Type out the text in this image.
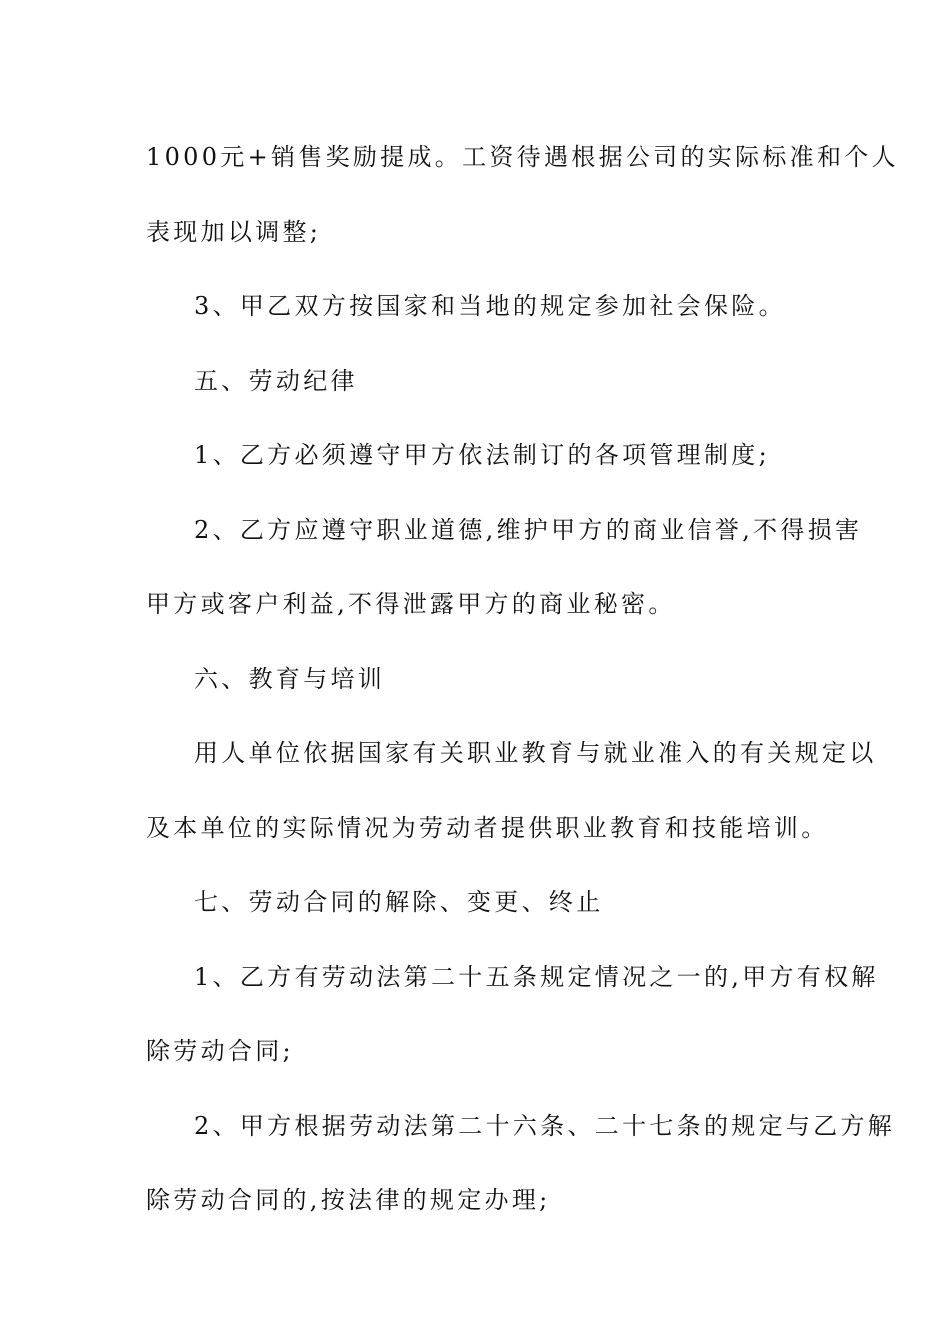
1000元+销售奖励提成。工资待遇根据公司的实际标准和个人
表现加以调整;
3、甲乙双方按国家和当地的规定参加社会保险。
五、劳动纪律
1、乙方必须遵守甲方依法制订的各项管理制度;
2、乙方应遵守职业道德,维护甲方的商业信誉,不得损害
甲方或客户利益,不得泄露甲方的商业秘密。
六、教育与培训
用人单位依据国家有关职业教育与就业准入的有关规定以
及本单位的实际情况为劳动者提供职业教育和技能培训。
七、劳动合同的解除、变更、终止
1、乙方有劳动法第二十五条规定情况之一的,甲方有权解
除劳动合同;
2、甲方根据劳动法第二十六条、二十七条的规定与乙方解
除劳动合同的,按法律的规定办理;
